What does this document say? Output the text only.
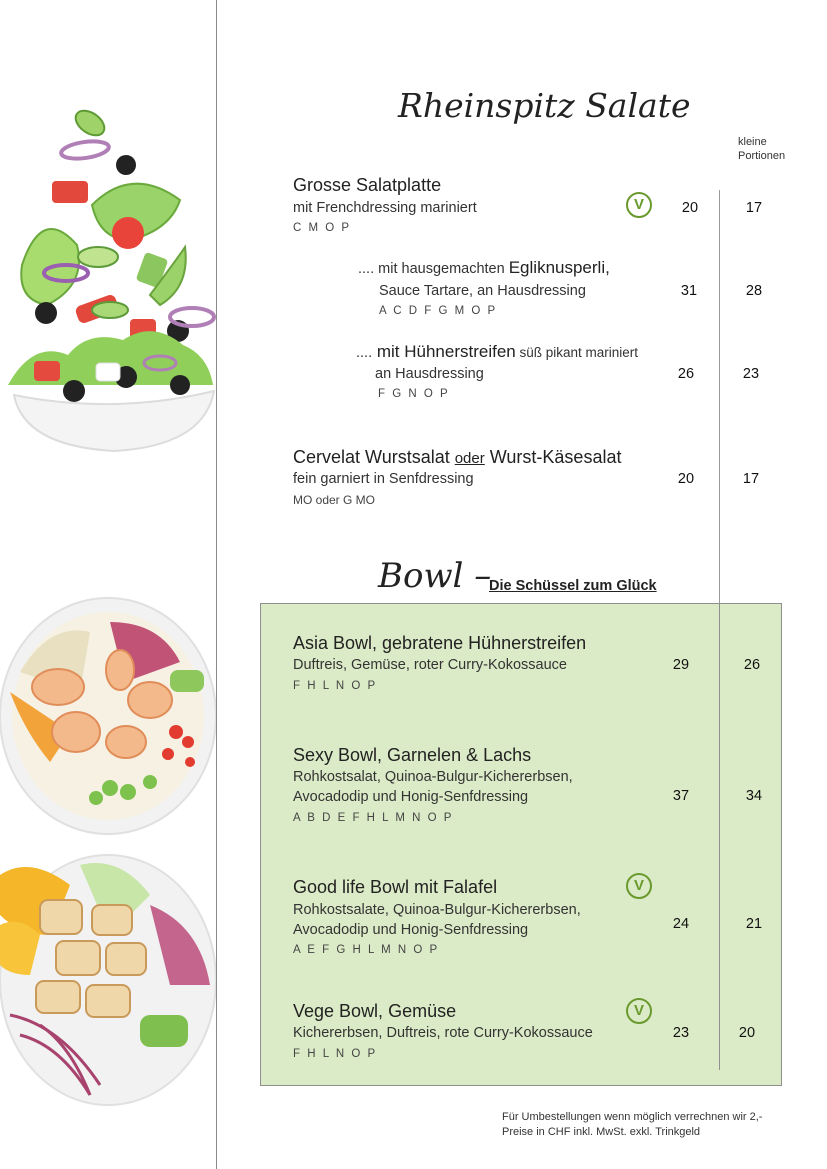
Rheinspitz Salate
kleine
Portionen
Grosse Salatplatte
mit Frenchdressing mariniert
C M O P
V	20	17
.... mit hausgemachten Egliknusperli,
Sauce Tartare, an Hausdressing
A C D F G M O P
31	28
.... mit Hühnerstreifen süß pikant mariniert
an Hausdressing
F G N O P
26	23
Cervelat Wurstsalat oder Wurst-Käsesalat
fein garniert in Senfdressing
MO oder G MO
20	17
Bowl –
Die Schüssel zum Glück
Asia Bowl, gebratene Hühnerstreifen
Duftreis, Gemüse, roter Curry-Kokossauce
F H L N O P
29	26
Sexy Bowl, Garnelen & Lachs
Rohkostsalat, Quinoa-Bulgur-Kichererbsen,
Avocadodip und Honig-Senfdressing
A B D E F H L M N O P
37	34
Good life Bowl mit Falafel	V
Rohkostsalate, Quinoa-Bulgur-Kichererbsen,
Avocadodip und Honig-Senfdressing
A E F G H L M N O P
24	21
Vege Bowl, Gemüse	V
Kichererbsen, Duftreis, rote Curry-Kokossauce
F H L N O P
23	20
Für Umbestellungen wenn möglich verrechnen wir 2,-
Preise in CHF inkl. MwSt. exkl. Trinkgeld
